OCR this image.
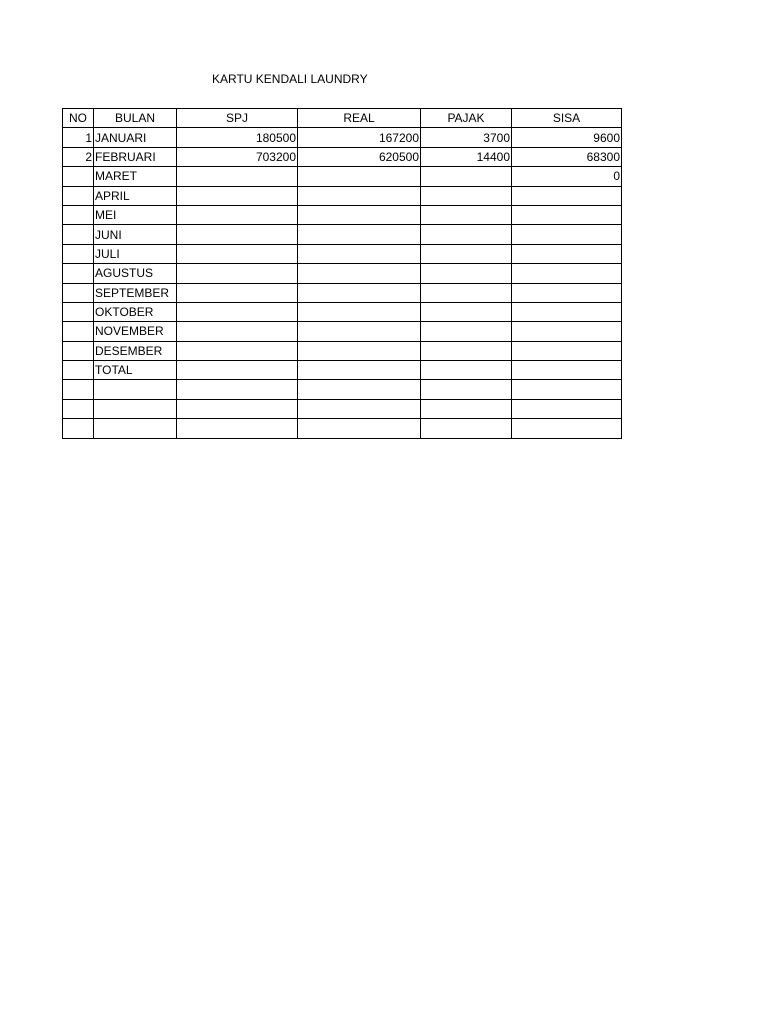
KARTU KENDALI LAUNDRY
NO	BULAN	SPJ	REAL	PAJAK	SISA
1	JANUARI	180500	167200	3700	9600
2	FEBRUARI	703200	620500	14400	68300
	MARET				0
	APRIL				
	MEI				
	JUNI				
	JULI				
	AGUSTUS				
	SEPTEMBER				
	OKTOBER				
	NOVEMBER				
	DESEMBER				
	TOTAL				
